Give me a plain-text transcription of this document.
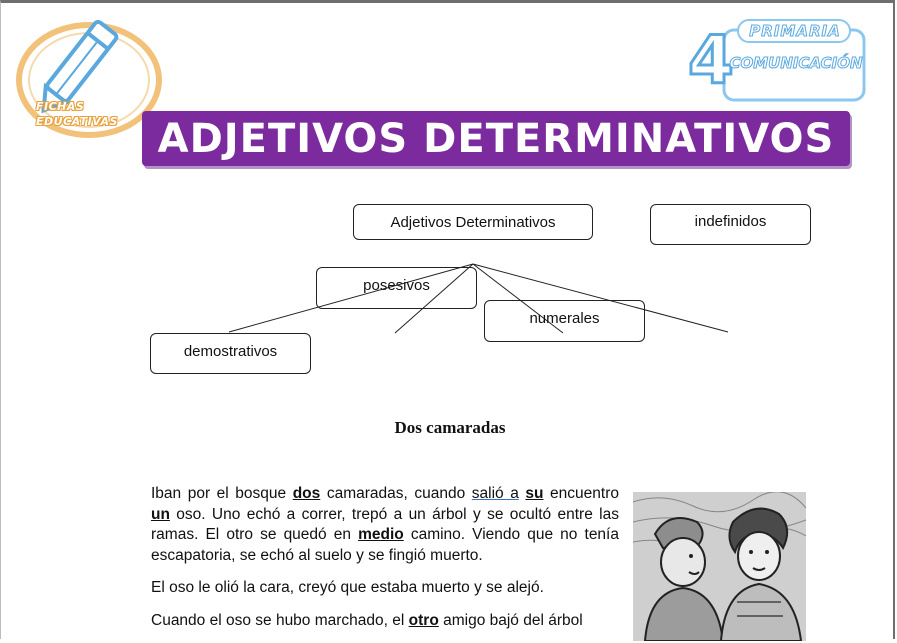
FICHAS
EDUCATIVAS
4	PRIMARIA
COMUNICACIÓN
ADJETIVOS DETERMINATIVOS
Adjetivos Determinativos	indefinidos
posesivos
numerales
demostrativos
Dos camaradas

Iban por el bosque dos camaradas, cuando salió a su encuentro un oso. Uno echó a correr, trepó a un árbol y se ocultó entre las ramas. El otro se quedó en medio camino. Viendo que no tenía escapatoria, se echó al suelo y se fingió muerto.

El oso le olió la cara, creyó que estaba muerto y se alejó.

Cuando el oso se hubo marchado, el otro amigo bajó del árbol
